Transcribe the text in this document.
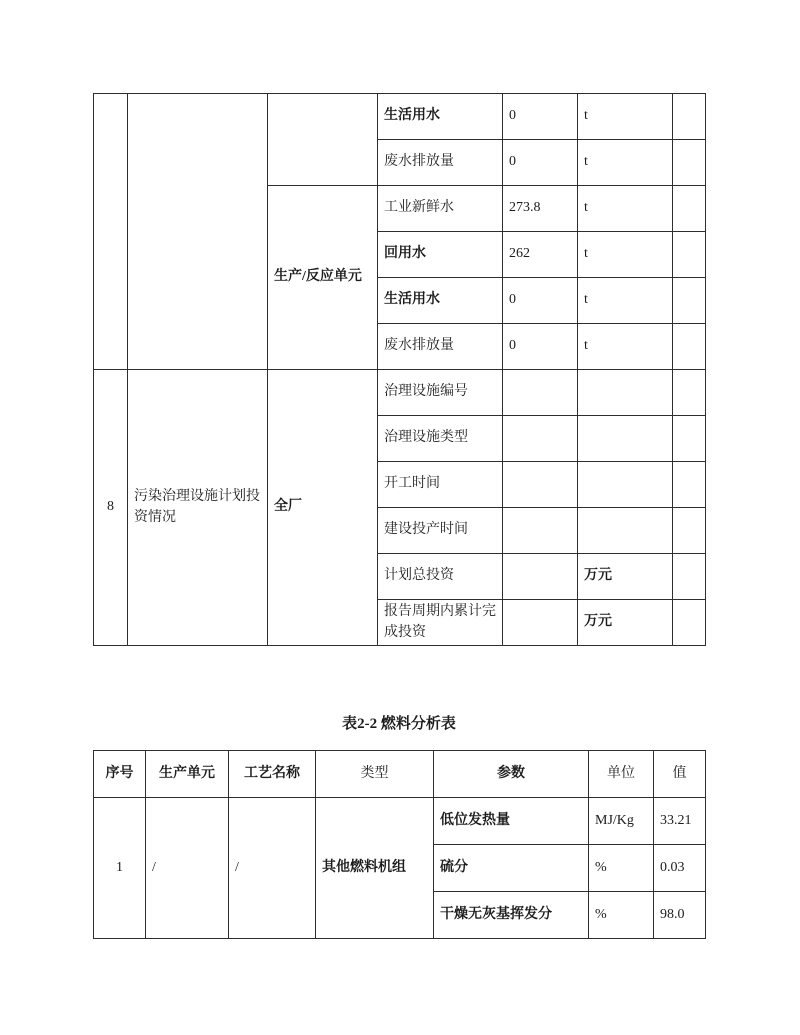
			生活用水	0	t	
			废水排放量	0	t	
		生产/反应单元	工业新鲜水	273.8	t	
			回用水	262	t	
			生活用水	0	t	
			废水排放量	0	t	
8	污染治理设施计划投资情况	全厂	治理设施编号			
			治理设施类型			
			开工时间			
			建设投产时间			
			计划总投资		万元	
			报告周期内累计完成投资		万元	
表2-2 燃料分析表
序号	生产单元	工艺名称	类型	参数	单位	值
1	/	/	其他燃料机组	低位发热量	MJ/Kg	33.21
				硫分	%	0.03
				干燥无灰基挥发分	%	98.0
